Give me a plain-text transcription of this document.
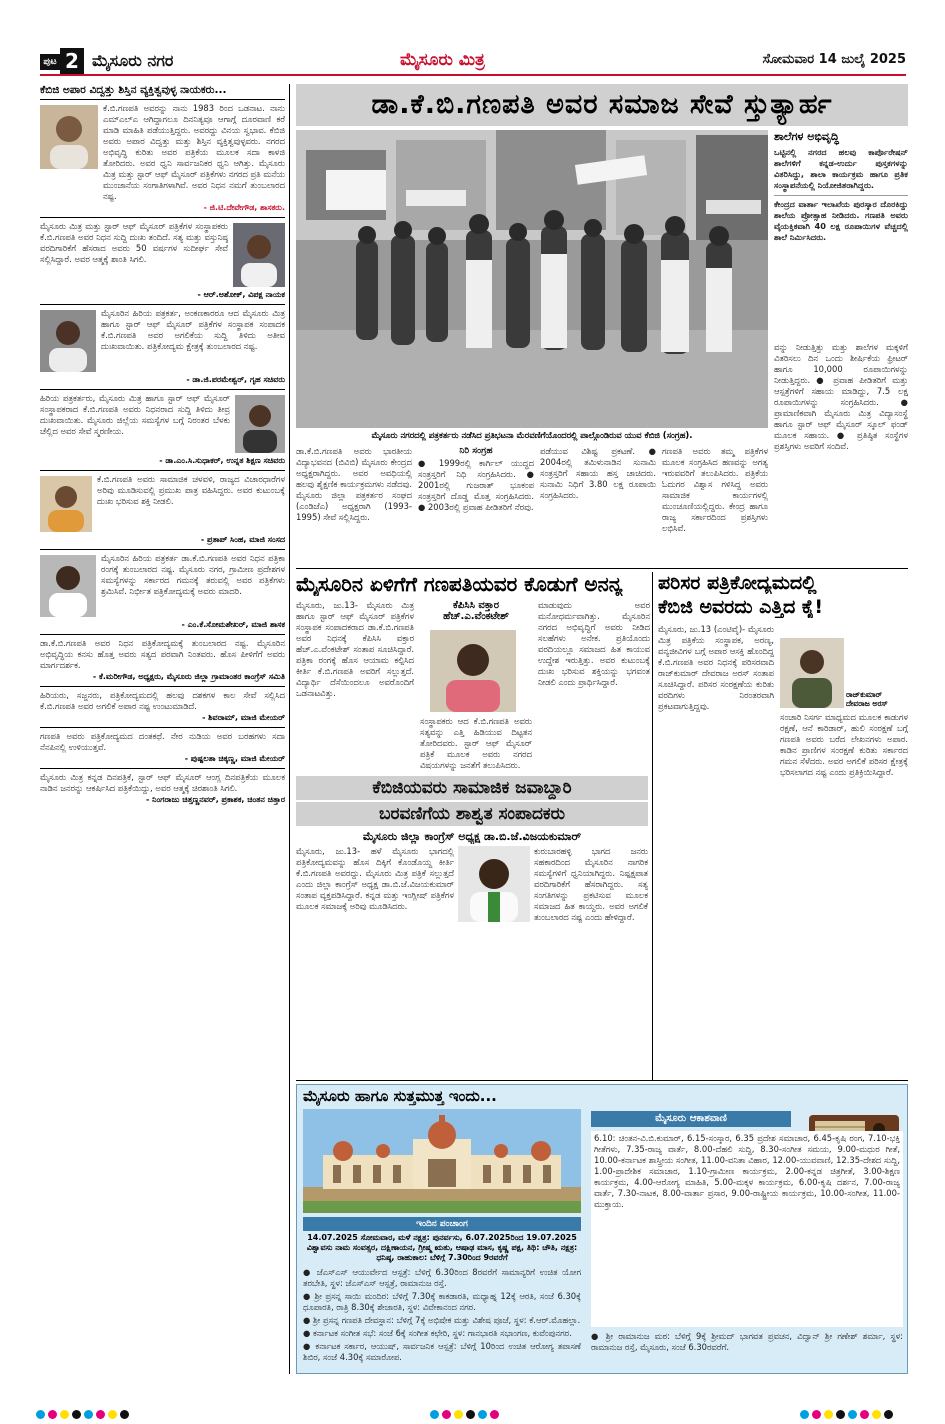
ಪುಟ 2 ಮೈಸೂರು ನಗರ	ಮೈಸೂರು ಮಿತ್ರ	ಸೋಮವಾರ 14 ಜುಲೈ 2025
ಕೆಬಿಜಿ ಅಪಾರ ವಿದ್ವತ್ತು ಶಿಸ್ತಿನ ವ್ಯಕ್ತಿತ್ವವುಳ್ಳ ನಾಯಕರು...
ಕೆ.ಬಿ.ಗಣಪತಿ ಅವರನ್ನು ನಾನು 1983 ರಿಂದ ಒಡನಾಟ. ನಾನು ಎಮ್‌ಎಲ್‌ಎ ಆಗಿದ್ದಾಗಲೂ ದಿನನಿತ್ಯವೂ ಆಗಾಗ್ಗೆ ದೂರವಾಣಿ ಕರೆ ಮಾಡಿ ಮಾಹಿತಿ ಪಡೆಯುತ್ತಿದ್ದರು. ಅವರದ್ದು ವಿನಯ ಸ್ವಭಾವ. ಕೆಬಿಜಿ ಅವರು ಅಪಾರ ವಿದ್ವತ್ತು ಮತ್ತು ಶಿಸ್ತಿನ ವ್ಯಕ್ತಿತ್ವವುಳ್ಳವರು. ನಗರದ ಅಭಿವೃದ್ಧಿ ಕುರಿತು ಅವರ ಪತ್ರಿಕೆಯ ಮೂಲಕ ಸದಾ ಕಾಳಜಿ ತೋರಿದರು. ಅವರ ಧ್ವನಿ ಸಾರ್ವಜನಿಕರ ಧ್ವನಿ ಆಗಿತ್ತು. ಮೈಸೂರು ಮಿತ್ರ ಮತ್ತು ಸ್ಟಾರ್ ಆಫ್ ಮೈಸೂರ್ ಪತ್ರಿಕೆಗಳು ನಗರದ ಪ್ರತಿ ಮನೆಯ ಮುಂಜಾನೆಯ ಸಂಗಾತಿಗಳಾಗಿವೆ. ಅವರ ನಿಧನ ನಮಗೆ ತುಂಬಲಾರದ ನಷ್ಟ.
- ಜಿ.ಟಿ.ದೇವೇಗೌಡ, ಶಾಸಕರು.
ಮೈಸೂರು ಮಿತ್ರ ಮತ್ತು ಸ್ಟಾರ್ ಆಫ್ ಮೈಸೂರ್ ಪತ್ರಿಕೆಗಳ ಸಂಸ್ಥಾಪಕರು ಕೆ.ಬಿ.ಗಣಪತಿ ಅವರ ನಿಧನ ಸುದ್ದಿ ದುಃಖ ತಂದಿದೆ. ಸತ್ಯ ಮತ್ತು ವಸ್ತುನಿಷ್ಠ ವರದಿಗಾರಿಕೆಗೆ ಹೆಸರಾದ ಅವರು 50 ವರ್ಷಗಳ ಸುದೀರ್ಘ ಸೇವೆ ಸಲ್ಲಿಸಿದ್ದಾರೆ. ಅವರ ಆತ್ಮಕ್ಕೆ ಶಾಂತಿ ಸಿಗಲಿ.
- ಆರ್.ಅಶೋಕ್, ವಿಪಕ್ಷ ನಾಯಕ
ಮೈಸೂರಿನ ಹಿರಿಯ ಪತ್ರಕರ್ತ, ಅಂಕಣಕಾರರೂ ಆದ ಮೈಸೂರು ಮಿತ್ರ ಹಾಗೂ ಸ್ಟಾರ್ ಆಫ್ ಮೈಸೂರ್ ಪತ್ರಿಕೆಗಳ ಸಂಸ್ಥಾಪಕ ಸಂಪಾದಕ ಕೆ.ಬಿ.ಗಣಪತಿ ಅವರ ಅಗಲಿಕೆಯ ಸುದ್ದಿ ತಿಳಿದು ಅತೀವ ದುಃಖವಾಯಿತು. ಪತ್ರಿಕೋದ್ಯಮ ಕ್ಷೇತ್ರಕ್ಕೆ ತುಂಬಲಾರದ ನಷ್ಟ.
- ಡಾ.ಜಿ.ಪರಮೇಶ್ವರ್, ಗೃಹ ಸಚಿವರು
ಹಿರಿಯ ಪತ್ರಕರ್ತರು, ಮೈಸೂರು ಮಿತ್ರ ಹಾಗೂ ಸ್ಟಾರ್ ಆಫ್ ಮೈಸೂರ್ ಸಂಸ್ಥಾಪಕರಾದ ಕೆ.ಬಿ.ಗಣಪತಿ ಅವರು ನಿಧನರಾದ ಸುದ್ದಿ ತಿಳಿದು ತೀವ್ರ ದುಃಖವಾಯಿತು. ಮೈಸೂರು ಜಿಲ್ಲೆಯ ಸಮಸ್ಯೆಗಳ ಬಗ್ಗೆ ನಿರಂತರ ಬೆಳಕು ಚೆಲ್ಲಿದ ಅವರ ಸೇವೆ ಸ್ಮರಣೀಯ.
- ಡಾ.ಎಂ.ಸಿ.ಸುಧಾಕರ್, ಉನ್ನತ ಶಿಕ್ಷಣ ಸಚಿವರು
ಕೆ.ಬಿ.ಗಣಪತಿ ಅವರು ಸಾಮಾಜಿಕ ಚಳವಳಿ, ರಾಜ್ಯದ ವಿಚಾರಧಾರೆಗಳ ಅರಿವು ಮೂಡಿಸುವಲ್ಲಿ ಪ್ರಮುಖ ಪಾತ್ರ ವಹಿಸಿದ್ದರು. ಅವರ ಕುಟುಂಬಕ್ಕೆ ದುಃಖ ಭರಿಸುವ ಶಕ್ತಿ ನೀಡಲಿ.
- ಪ್ರತಾಪ್ ಸಿಂಹ, ಮಾಜಿ ಸಂಸದ
ಮೈಸೂರಿನ ಹಿರಿಯ ಪತ್ರಕರ್ತ ಡಾ.ಕೆ.ಬಿ.ಗಣಪತಿ ಅವರ ನಿಧನ ಪತ್ರಿಕಾ ರಂಗಕ್ಕೆ ತುಂಬಲಾರದ ನಷ್ಟ. ಮೈಸೂರು ನಗರ, ಗ್ರಾಮೀಣ ಪ್ರದೇಶಗಳ ಸಮಸ್ಯೆಗಳನ್ನು ಸರ್ಕಾರದ ಗಮನಕ್ಕೆ ತರುವಲ್ಲಿ ಅವರ ಪತ್ರಿಕೆಗಳು ಶ್ರಮಿಸಿವೆ. ನಿರ್ಭೀತ ಪತ್ರಿಕೋದ್ಯಮಕ್ಕೆ ಅವರು ಮಾದರಿ.
- ಎಂ.ಕೆ.ಸೋಮಶೇಖರ್, ಮಾಜಿ ಶಾಸಕ
ಡಾ.ಕೆ.ಬಿ.ಗಣಪತಿ ಅವರ ನಿಧನ ಪತ್ರಿಕೋದ್ಯಮಕ್ಕೆ ತುಂಬಲಾರದ ನಷ್ಟ. ಮೈಸೂರಿನ ಅಭಿವೃದ್ಧಿಯ ಕನಸು ಹೊತ್ತ ಅವರು ಸತ್ಯದ ಪರವಾಗಿ ನಿಂತವರು. ಹೊಸ ಪೀಳಿಗೆಗೆ ಅವರು ಮಾರ್ಗದರ್ಶಕ.
- ಕೆ.ಮರೀಗೌಡ, ಅಧ್ಯಕ್ಷರು, ಮೈಸೂರು ಜಿಲ್ಲಾ ಗ್ರಾಮಾಂತರ ಕಾಂಗ್ರೆಸ್ ಸಮಿತಿ
ಹಿರಿಯರು, ಸಜ್ಜನರು, ಪತ್ರಿಕೋದ್ಯಮದಲ್ಲಿ ಹಲವು ದಶಕಗಳ ಕಾಲ ಸೇವೆ ಸಲ್ಲಿಸಿದ ಕೆ.ಬಿ.ಗಣಪತಿ ಅವರ ಅಗಲಿಕೆ ಅಪಾರ ನಷ್ಟ ಉಂಟುಮಾಡಿದೆ.
- ಶಿವರಾಮ್, ಮಾಜಿ ಮೇಯರ್
ಗಣಪತಿ ಅವರು ಪತ್ರಿಕೋದ್ಯಮದ ದಂತಕಥೆ. ನೇರ ನುಡಿಯ ಅವರ ಬರಹಗಳು ಸದಾ ನೆನಪಿನಲ್ಲಿ ಉಳಿಯುತ್ತವೆ.
- ಪುಷ್ಪಲತಾ ಚಿಕ್ಕಣ್ಣ, ಮಾಜಿ ಮೇಯರ್
ಮೈಸೂರು ಮಿತ್ರ ಕನ್ನಡ ದಿನಪತ್ರಿಕೆ, ಸ್ಟಾರ್ ಆಫ್ ಮೈಸೂರ್ ಆಂಗ್ಲ ದಿನಪತ್ರಿಕೆಯ ಮೂಲಕ ನಾಡಿನ ಜನರನ್ನು ಆಕರ್ಷಿಸಿದ ಪತ್ರಿಕೆಯಿದ್ದು, ಅವರ ಆತ್ಮಕ್ಕೆ ಚಿರಶಾಂತಿ ಸಿಗಲಿ.
- ನಿಂಗರಾಜು ಚಿತ್ತಣ್ಣನವರ್, ಪ್ರಕಾಶಕ, ಚಿಂತನ ಚಿತ್ತಾರ
ಡಾ.ಕೆ.ಬಿ.ಗಣಪತಿ ಅವರ ಸಮಾಜ ಸೇವೆ ಸ್ತುತ್ಯಾರ್ಹ
ಮೈಸೂರು ನಗರದಲ್ಲಿ ಪತ್ರಕರ್ತರು ನಡೆಸಿದ ಪ್ರತಿಭಟನಾ ಮೆರವಣಿಗೆಯೊಂದರಲ್ಲಿ ಪಾಲ್ಗೊಂಡಿರುವ ಯುವ ಕೆಬಿಜಿ (ಸಂಗ್ರಹ).
ಶಾಲೆಗಳ ಅಭಿವೃದ್ಧಿ
ಒಟ್ಟಿನಲ್ಲಿ ನಗರದ ಹಲವು ಕಾರ್ಪೊರೇಷನ್ ಶಾಲೆಗಳಿಗೆ ಕನ್ನಡ-ಉರ್ದು ಪುಸ್ತಕಗಳನ್ನು ವಿತರಿಸಿದ್ದು, ಶಾಲಾ ಕಾರ್ಯಕ್ರಮ ಹಾಗೂ ಪ್ರತಿಕ ಸಂಸ್ಥಾಪನೆಯಲ್ಲಿ ನಿಯೋಜಿತರಾಗಿದ್ದರು.
ಕೇಂದ್ರದ ವಾರ್ತಾ ಇಲಾಖೆಯ ಪುರಸ್ಕಾರ ದೊರಕಿದ್ದು ಶಾಲೆಯ ಪ್ರೋತ್ಸಾಹ ನೀಡಿದರು. ಗಣಪತಿ ಅವರು ವೈಯಕ್ತಿಕವಾಗಿ 40 ಲಕ್ಷ ರೂಪಾಯಿಗಳ ವೆಚ್ಚದಲ್ಲಿ ಶಾಲೆ ನಿರ್ಮಿಸಿದರು.
ವನ್ನು ನೀಡುತ್ತಿತ್ತು ಮತ್ತು ಶಾಲೆಗಳ ಮಕ್ಕಳಿಗೆ ವಿತರಿಸಲು ದಿನ ಒಂದು ಶೀರ್ಷಿಕೆಯ ಫ್ರೀಟರ್ ಹಾಗೂ 10,000 ರೂಪಾಯಿಗಳನ್ನು ನೀಡುತ್ತಿದ್ದರು. ● ಪ್ರವಾಹ ಪೀಡಿತರಿಗೆ ಮತ್ತು ಆಸ್ಪತ್ರೆಗಳಿಗೆ ಸಹಾಯ ಮಾಡಿದ್ದು, 7.5 ಲಕ್ಷ ರೂಪಾಯಿಗಳನ್ನು ಸಂಗ್ರಹಿಸಿದರು. ● ಪ್ರಾಮಾಣಿಕವಾಗಿ ಮೈಸೂರು ಮಿತ್ರ ವಿದ್ಯಾಸಂಸ್ಥೆ ಹಾಗೂ ಸ್ಟಾರ್ ಆಫ್ ಮೈಸೂರ್ ಸ್ಕೂಲ್ ಫಂಡ್ ಮೂಲಕ ಸಹಾಯ. ● ಪ್ರತಿಷ್ಠಿತ ಸಂಸ್ಥೆಗಳ ಪ್ರಶಸ್ತಿಗಳು ಅವರಿಗೆ ಸಂದಿವೆ.
ಡಾ.ಕೆ.ಬಿ.ಗಣಪತಿ ಅವರು ಭಾರತೀಯ ವಿದ್ಯಾಭವನದ (ಬಿವಿಬಿ) ಮೈಸೂರು ಕೇಂದ್ರದ ಅಧ್ಯಕ್ಷರಾಗಿದ್ದರು. ಅವರ ಅವಧಿಯಲ್ಲಿ ಹಲವು ಶೈಕ್ಷಣಿಕ ಕಾರ್ಯಕ್ರಮಗಳು ನಡೆದವು. ಮೈಸೂರು ಜಿಲ್ಲಾ ಪತ್ರಕರ್ತರ ಸಂಘದ (ಎಂಡಿಜೆಎ) ಅಧ್ಯಕ್ಷರಾಗಿ (1993-1995) ಸೇವೆ ಸಲ್ಲಿಸಿದ್ದರು.
ನಿರಿ ಸಂಗ್ರಹ
● 1999ರಲ್ಲಿ ಕಾರ್ಗಿಲ್ ಯುದ್ಧದ ಸಂತ್ರಸ್ತರಿಗೆ ನಿಧಿ ಸಂಗ್ರಹಿಸಿದರು. ● 2001ರಲ್ಲಿ ಗುಜರಾತ್ ಭೂಕಂಪ ಸಂತ್ರಸ್ತರಿಗೆ ದೊಡ್ಡ ಮೊತ್ತ ಸಂಗ್ರಹಿಸಿದರು. ● 2003ರಲ್ಲಿ ಪ್ರವಾಹ ಪೀಡಿತರಿಗೆ ನೆರವು.
ಪಡೆಯುವ ವಿಶಿಷ್ಟ ಪ್ರಕಟಣೆ. ● 2004ರಲ್ಲಿ ತಮಿಳುನಾಡಿನ ಸುನಾಮಿ ಸಂತ್ರಸ್ತರಿಗೆ ಸಹಾಯ ಹಸ್ತ ಚಾಚಿದರು. ಸುನಾಮಿ ನಿಧಿಗೆ 3.80 ಲಕ್ಷ ರೂಪಾಯಿ ಸಂಗ್ರಹಿಸಿದರು.
ಗಣಪತಿ ಅವರು ತಮ್ಮ ಪತ್ರಿಕೆಗಳ ಮೂಲಕ ಸಂಗ್ರಹಿಸಿದ ಹಣವನ್ನು ಅಗತ್ಯ ಇರುವವರಿಗೆ ತಲುಪಿಸಿದರು. ಪತ್ರಿಕೆಯ ಓದುಗರ ವಿಶ್ವಾಸ ಗಳಿಸಿದ್ದ ಅವರು ಸಾಮಾಜಿಕ ಕಾರ್ಯಗಳಲ್ಲಿ ಮುಂಚೂಣಿಯಲ್ಲಿದ್ದರು. ಕೇಂದ್ರ ಹಾಗೂ ರಾಜ್ಯ ಸರ್ಕಾರದಿಂದ ಪ್ರಶಸ್ತಿಗಳು ಲಭಿಸಿವೆ.
ಮೈಸೂರಿನ ಏಳಿಗೆಗೆ ಗಣಪತಿಯವರ ಕೊಡುಗೆ ಅನನ್ಯ
ಮೈಸೂರು, ಜು.13- ಮೈಸೂರು ಮಿತ್ರ ಹಾಗೂ ಸ್ಟಾರ್ ಆಫ್ ಮೈಸೂರ್ ಪತ್ರಿಕೆಗಳ ಸಂಸ್ಥಾಪಕ ಸಂಪಾದಕರಾದ ಡಾ.ಕೆ.ಬಿ.ಗಣಪತಿ ಅವರ ನಿಧನಕ್ಕೆ ಕೆಪಿಸಿಸಿ ವಕ್ತಾರ ಹೆಚ್.ಎ.ವೆಂಕಟೇಶ್ ಸಂತಾಪ ಸೂಚಿಸಿದ್ದಾರೆ. ಪತ್ರಿಕಾ ರಂಗಕ್ಕೆ ಹೊಸ ಆಯಾಮ ಕಲ್ಪಿಸಿದ ಕೀರ್ತಿ ಕೆ.ಬಿ.ಗಣಪತಿ ಅವರಿಗೆ ಸಲ್ಲುತ್ತದೆ. ವಿದ್ಯಾರ್ಥಿ ದೆಸೆಯಿಂದಲೂ ಅವರೊಂದಿಗೆ ಒಡನಾಟವಿತ್ತು.
ಕೆಪಿಸಿಸಿ ವಕ್ತಾರ ಹೆಚ್.ಎ.ವೆಂಕಟೇಶ್
ಸಂಸ್ಥಾಪಕರು ಆದ ಕೆ.ಬಿ.ಗಣಪತಿ ಅವರು ಸತ್ಯವನ್ನು ಎತ್ತಿ ಹಿಡಿಯುವ ದಿಟ್ಟತನ ತೋರಿದವರು. ಸ್ಟಾರ್ ಆಫ್ ಮೈಸೂರ್ ಪತ್ರಿಕೆ ಮೂಲಕ ಅವರು ನಗರದ ವಿಷಯಗಳನ್ನು ಜನತೆಗೆ ತಲುಪಿಸಿದರು.
ಮಾಡುವುದು ಅವರ ಮನೋಧರ್ಮವಾಗಿತ್ತು. ಮೈಸೂರಿನ ನಗರದ ಅಭಿವೃದ್ಧಿಗೆ ಅವರು ನೀಡಿದ ಸಲಹೆಗಳು ಅನೇಕ. ಪ್ರತಿಯೊಂದು ವರದಿಯಲ್ಲೂ ಸಮಾಜದ ಹಿತ ಕಾಯುವ ಉದ್ದೇಶ ಇರುತ್ತಿತ್ತು. ಅವರ ಕುಟುಂಬಕ್ಕೆ ದುಃಖ ಭರಿಸುವ ಶಕ್ತಿಯನ್ನು ಭಗವಂತ ನೀಡಲಿ ಎಂದು ಪ್ರಾರ್ಥಿಸಿದ್ದಾರೆ.
ಕೆಬಿಜಿಯವರು ಸಾಮಾಜಿಕ ಜವಾಬ್ದಾರಿ
ಬರವಣಿಗೆಯ ಶಾಶ್ವತ ಸಂಪಾದಕರು
ಮೈಸೂರು ಜಿಲ್ಲಾ ಕಾಂಗ್ರೆಸ್ ಅಧ್ಯಕ್ಷ ಡಾ.ಬಿ.ಜೆ.ವಿಜಯಕುಮಾರ್
ಮೈಸೂರು, ಜು.13- ಹಳೆ ಮೈಸೂರು ಭಾಗದಲ್ಲಿ ಪತ್ರಿಕೋದ್ಯಮವನ್ನು ಹೊಸ ದಿಕ್ಕಿಗೆ ಕೊಂಡೊಯ್ದ ಕೀರ್ತಿ ಕೆ.ಬಿ.ಗಣಪತಿ ಅವರದ್ದು. ಮೈಸೂರು ಮಿತ್ರ ಪತ್ರಿಕೆ ಸಲ್ಲುತ್ತದೆ ಎಂದು ಜಿಲ್ಲಾ ಕಾಂಗ್ರೆಸ್ ಅಧ್ಯಕ್ಷ ಡಾ.ಬಿ.ಜೆ.ವಿಜಯಕುಮಾರ್ ಸಂತಾಪ ವ್ಯಕ್ತಪಡಿಸಿದ್ದಾರೆ. ಕನ್ನಡ ಮತ್ತು ಇಂಗ್ಲೀಷ್ ಪತ್ರಿಕೆಗಳ ಮೂಲಕ ಸಮಾಜಕ್ಕೆ ಅರಿವು ಮೂಡಿಸಿದರು.
ಕುರುಬಾರಹಳ್ಳಿ ಭಾಗದ ಜನರು ಸಹಕಾರದಿಂದ ಮೈಸೂರಿನ ನಾಗರಿಕ ಸಮಸ್ಯೆಗಳಿಗೆ ಧ್ವನಿಯಾಗಿದ್ದರು. ನಿಷ್ಪಕ್ಷಪಾತ ವರದಿಗಾರಿಕೆಗೆ ಹೆಸರಾಗಿದ್ದರು. ಸತ್ಯ ಸಂಗತಿಗಳನ್ನು ಪ್ರಕಟಿಸುವ ಮೂಲಕ ಸಮಾಜದ ಹಿತ ಕಾಯ್ದರು. ಅವರ ಅಗಲಿಕೆ ತುಂಬಲಾರದ ನಷ್ಟ ಎಂದು ಹೇಳಿದ್ದಾರೆ.
ಪರಿಸರ ಪತ್ರಿಕೋದ್ಯಮದಲ್ಲಿ
ಕೆಬಿಜಿ ಅವರದು ಎತ್ತಿದ ಕೈ!
ಮೈಸೂರು, ಜು.13 (ಎಂಟಿವೈ)- ಮೈಸೂರು ಮಿತ್ರ ಪತ್ರಿಕೆಯ ಸಂಸ್ಥಾಪಕ, ಅರಣ್ಯ, ವನ್ಯಜೀವಿಗಳ ಬಗ್ಗೆ ಅಪಾರ ಆಸಕ್ತಿ ಹೊಂದಿದ್ದ ಕೆ.ಬಿ.ಗಣಪತಿ ಅವರ ನಿಧನಕ್ಕೆ ಪರಿಸರವಾದಿ ರಾಜ್‌ಕುಮಾರ್ ದೇವರಾಜ ಅರಸ್ ಸಂತಾಪ ಸೂಚಿಸಿದ್ದಾರೆ. ಪರಿಸರ ಸಂರಕ್ಷಣೆಯ ಕುರಿತು ವರದಿಗಳು ನಿರಂತರವಾಗಿ ಪ್ರಕಟವಾಗುತ್ತಿದ್ದವು.
ರಾಜ್‌ಕುಮಾರ್ ದೇವರಾಜ ಅರಸ್
ಸಂಚಾರಿ ನಿಸರ್ಗ ಮಾಧ್ಯಮದ ಮೂಲಕ ಕಾಡುಗಳ ರಕ್ಷಣೆ, ಆನೆ ಕಾರಿಡಾರ್, ಹುಲಿ ಸಂರಕ್ಷಣೆ ಬಗ್ಗೆ ಗಣಪತಿ ಅವರು ಬರೆದ ಲೇಖನಗಳು ಅಪಾರ. ಕಾಡಿನ ಪ್ರಾಣಿಗಳ ಸಂರಕ್ಷಣೆ ಕುರಿತು ಸರ್ಕಾರದ ಗಮನ ಸೆಳೆದರು. ಅವರ ಅಗಲಿಕೆ ಪರಿಸರ ಕ್ಷೇತ್ರಕ್ಕೆ ಭರಿಸಲಾಗದ ನಷ್ಟ ಎಂದು ಪ್ರತಿಕ್ರಿಯಿಸಿದ್ದಾರೆ.
ಮೈಸೂರು ಹಾಗೂ ಸುತ್ತಮುತ್ತ ಇಂದು...
ಇಂದಿನ ಪಂಚಾಂಗ
14.07.2025 ಸೋಮವಾರ, ಮಳೆ ನಕ್ಷತ್ರ: ಪುನರ್ವಸು, 6.07.2025ರಿಂದ 19.07.2025 ವಿಶ್ವಾವಸು ನಾಮ ಸಂವತ್ಸರ, ದಕ್ಷಿಣಾಯನ, ಗ್ರೀಷ್ಮ ಋತು, ಆಷಾಢ ಮಾಸ, ಕೃಷ್ಣ ಪಕ್ಷ, ತಿಥಿ: ಚೌತಿ, ನಕ್ಷತ್ರ: ಧನಿಷ್ಠ, ರಾಹುಕಾಲ: ಬೆಳಿಗ್ಗೆ 7.30ರಿಂದ 9ರವರೆಗೆ
● ಜೆಎಸ್‌ಎಸ್ ಆಯುರ್ವೇದ ಆಸ್ಪತ್ರೆ: ಬೆಳಿಗ್ಗೆ 6.30ರಿಂದ 8ರವರೆಗೆ ಸಾಮಾನ್ಯರಿಗೆ ಉಚಿತ ಯೋಗ ತರಬೇತಿ, ಸ್ಥಳ: ಜೆಎಸ್‌ಎಸ್ ಆಸ್ಪತ್ರೆ, ರಾಮಾನುಜ ರಸ್ತೆ.
● ಶ್ರೀ ಪ್ರಸನ್ನ ಸಾಯಿ ಮಂದಿರ: ಬೆಳಿಗ್ಗೆ 7.30ಕ್ಕೆ ಕಾಕಡಾರತಿ, ಮಧ್ಯಾಹ್ನ 12ಕ್ಕೆ ಆರತಿ, ಸಂಜೆ 6.30ಕ್ಕೆ ಧೂಪಾರತಿ, ರಾತ್ರಿ 8.30ಕ್ಕೆ ಶೇಜಾರತಿ, ಸ್ಥಳ: ವಿವೇಕಾನಂದ ನಗರ.
● ಶ್ರೀ ಪ್ರಸನ್ನ ಗಣಪತಿ ದೇವಸ್ಥಾನ: ಬೆಳಿಗ್ಗೆ 7ಕ್ಕೆ ಅಭಿಷೇಕ ಮತ್ತು ವಿಶೇಷ ಪೂಜೆ, ಸ್ಥಳ: ಕೆ.ಆರ್.ಮೊಹಲ್ಲಾ.
● ಕರ್ನಾಟಕ ಸಂಗೀತ ಸಭೆ: ಸಂಜೆ 6ಕ್ಕೆ ಸಂಗೀತ ಕಛೇರಿ, ಸ್ಥಳ: ಗಾನಭಾರತಿ ಸಭಾಂಗಣ, ಕುವೆಂಪುನಗರ.
● ಕರ್ನಾಟಕ ಸರ್ಕಾರ, ಆಯುಷ್, ಸಾರ್ವಜನಿಕ ಆಸ್ಪತ್ರೆ: ಬೆಳಿಗ್ಗೆ 10ರಿಂದ ಉಚಿತ ಆರೋಗ್ಯ ತಪಾಸಣೆ ಶಿಬಿರ, ಸಂಜೆ 4.30ಕ್ಕೆ ಸಮಾರೋಪ.
ಮೈಸೂರು ಆಕಾಶವಾಣಿ
6.10: ಚಿಂತನ-ವಿ.ಬಿ.ಕುಮಾರ್, 6.15-ಸಂಸ್ಕಾರ, 6.35 ಪ್ರದೇಶ ಸಮಾಚಾರ, 6.45-ಕೃಷಿ ರಂಗ, 7.10-ಭಕ್ತಿ ಗೀತೆಗಳು, 7.35-ರಾಜ್ಯ ವಾರ್ತೆ, 8.00-ದೆಹಲಿ ಸುದ್ದಿ, 8.30-ಸಂಗೀತ ಸಮಯ, 9.00-ಮಧುರ ಗೀತೆ, 10.00-ಕರ್ನಾಟಕ ಶಾಸ್ತ್ರೀಯ ಸಂಗೀತ, 11.00-ವನಿತಾ ವಿಹಾರ, 12.00-ಯುವವಾಣಿ, 12.35-ದೇಶದ ಸುದ್ದಿ, 1.00-ಪ್ರಾದೇಶಿಕ ಸಮಾಚಾರ, 1.10-ಗ್ರಾಮೀಣ ಕಾರ್ಯಕ್ರಮ, 2.00-ಕನ್ನಡ ಚಿತ್ರಗೀತೆ, 3.00-ಶಿಕ್ಷಣ ಕಾರ್ಯಕ್ರಮ, 4.00-ಆರೋಗ್ಯ ಮಾಹಿತಿ, 5.00-ಮಕ್ಕಳ ಕಾರ್ಯಕ್ರಮ, 6.00-ಕೃಷಿ ದರ್ಶನ, 7.00-ರಾಜ್ಯ ವಾರ್ತೆ, 7.30-ನಾಟಕ, 8.00-ವಾರ್ತಾ ಪ್ರಸಾರ, 9.00-ರಾಷ್ಟ್ರೀಯ ಕಾರ್ಯಕ್ರಮ, 10.00-ಸಂಗೀತ, 11.00-ಮುಕ್ತಾಯ.
● ಶ್ರೀ ರಾಮಾನುಜ ಮಠ: ಬೆಳಿಗ್ಗೆ 9ಕ್ಕೆ ಶ್ರೀಮದ್ ಭಾಗವತ ಪ್ರವಚನ, ವಿದ್ವಾನ್ ಶ್ರೀ ಗಣೇಶ್ ಶರ್ಮಾ, ಸ್ಥಳ: ರಾಮಾನುಜ ರಸ್ತೆ, ಮೈಸೂರು, ಸಂಜೆ 6.30ರವರೆಗೆ.
